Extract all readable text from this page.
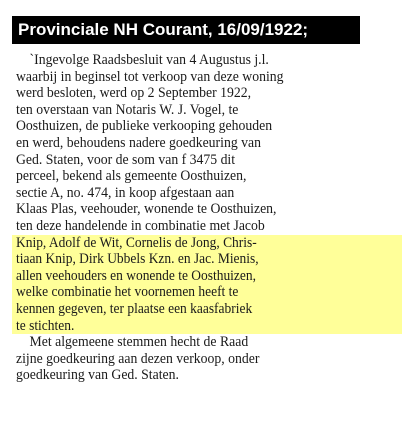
Provinciale NH Courant, 16/09/1922;
`Ingevolge Raadsbesluit van 4 Augustus j.l.
waarbij in beginsel tot verkoop van deze woning
werd besloten, werd op 2 September 1922,
ten overstaan van Notaris W. J. Vogel, te
Oosthuizen, de publieke verkooping gehouden
en werd, behoudens nadere goedkeuring van
Ged. Staten, voor de som van f 3475 dit
perceel, bekend als gemeente Oosthuizen,
sectie A, no. 474, in koop afgestaan aan
Klaas Plas, veehouder, wonende te Oosthuizen,
ten deze handelende in combinatie met Jacob
Knip, Adolf de Wit, Cornelis de Jong, Chris-
tiaan Knip, Dirk Ubbels Kzn. en Jac. Mienis,
allen veehouders en wonende te Oosthuizen,
welke combinatie het voornemen heeft te
kennen gegeven, ter plaatse een kaasfabriek
te stichten.
Met algemeene stemmen hecht de Raad
zijne goedkeuring aan dezen verkoop, onder
goedkeuring van Ged. Staten.
